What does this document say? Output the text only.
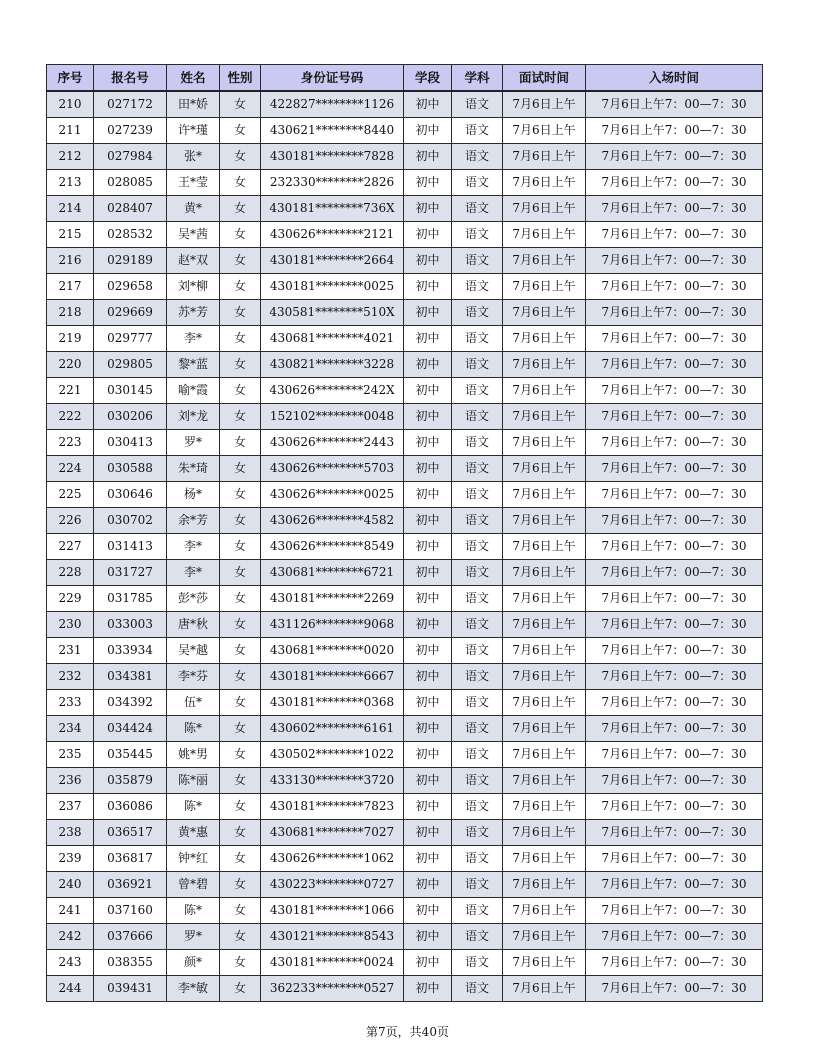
序号	报名号	姓名	性别	身份证号码	学段	学科	面试时间	入场时间
210	027172	田*娇	女	422827********1126	初中	语文	7月6日上午	7月6日上午7：00—7：30
211	027239	许*瑾	女	430621********8440	初中	语文	7月6日上午	7月6日上午7：00—7：30
212	027984	张*	女	430181********7828	初中	语文	7月6日上午	7月6日上午7：00—7：30
213	028085	王*莹	女	232330********2826	初中	语文	7月6日上午	7月6日上午7：00—7：30
214	028407	黄*	女	430181********736X	初中	语文	7月6日上午	7月6日上午7：00—7：30
215	028532	吴*茜	女	430626********2121	初中	语文	7月6日上午	7月6日上午7：00—7：30
216	029189	赵*双	女	430181********2664	初中	语文	7月6日上午	7月6日上午7：00—7：30
217	029658	刘*柳	女	430181********0025	初中	语文	7月6日上午	7月6日上午7：00—7：30
218	029669	苏*芳	女	430581********510X	初中	语文	7月6日上午	7月6日上午7：00—7：30
219	029777	李*	女	430681********4021	初中	语文	7月6日上午	7月6日上午7：00—7：30
220	029805	黎*蓝	女	430821********3228	初中	语文	7月6日上午	7月6日上午7：00—7：30
221	030145	喻*霞	女	430626********242X	初中	语文	7月6日上午	7月6日上午7：00—7：30
222	030206	刘*龙	女	152102********0048	初中	语文	7月6日上午	7月6日上午7：00—7：30
223	030413	罗*	女	430626********2443	初中	语文	7月6日上午	7月6日上午7：00—7：30
224	030588	朱*琦	女	430626********5703	初中	语文	7月6日上午	7月6日上午7：00—7：30
225	030646	杨*	女	430626********0025	初中	语文	7月6日上午	7月6日上午7：00—7：30
226	030702	余*芳	女	430626********4582	初中	语文	7月6日上午	7月6日上午7：00—7：30
227	031413	李*	女	430626********8549	初中	语文	7月6日上午	7月6日上午7：00—7：30
228	031727	李*	女	430681********6721	初中	语文	7月6日上午	7月6日上午7：00—7：30
229	031785	彭*莎	女	430181********2269	初中	语文	7月6日上午	7月6日上午7：00—7：30
230	033003	唐*秋	女	431126********9068	初中	语文	7月6日上午	7月6日上午7：00—7：30
231	033934	吴*越	女	430681********0020	初中	语文	7月6日上午	7月6日上午7：00—7：30
232	034381	李*芬	女	430181********6667	初中	语文	7月6日上午	7月6日上午7：00—7：30
233	034392	伍*	女	430181********0368	初中	语文	7月6日上午	7月6日上午7：00—7：30
234	034424	陈*	女	430602********6161	初中	语文	7月6日上午	7月6日上午7：00—7：30
235	035445	姚*男	女	430502********1022	初中	语文	7月6日上午	7月6日上午7：00—7：30
236	035879	陈*丽	女	433130********3720	初中	语文	7月6日上午	7月6日上午7：00—7：30
237	036086	陈*	女	430181********7823	初中	语文	7月6日上午	7月6日上午7：00—7：30
238	036517	黄*惠	女	430681********7027	初中	语文	7月6日上午	7月6日上午7：00—7：30
239	036817	钟*红	女	430626********1062	初中	语文	7月6日上午	7月6日上午7：00—7：30
240	036921	曾*碧	女	430223********0727	初中	语文	7月6日上午	7月6日上午7：00—7：30
241	037160	陈*	女	430181********1066	初中	语文	7月6日上午	7月6日上午7：00—7：30
242	037666	罗*	女	430121********8543	初中	语文	7月6日上午	7月6日上午7：00—7：30
243	038355	颜*	女	430181********0024	初中	语文	7月6日上午	7月6日上午7：00—7：30
244	039431	李*敏	女	362233********0527	初中	语文	7月6日上午	7月6日上午7：00—7：30
第7页，共40页
